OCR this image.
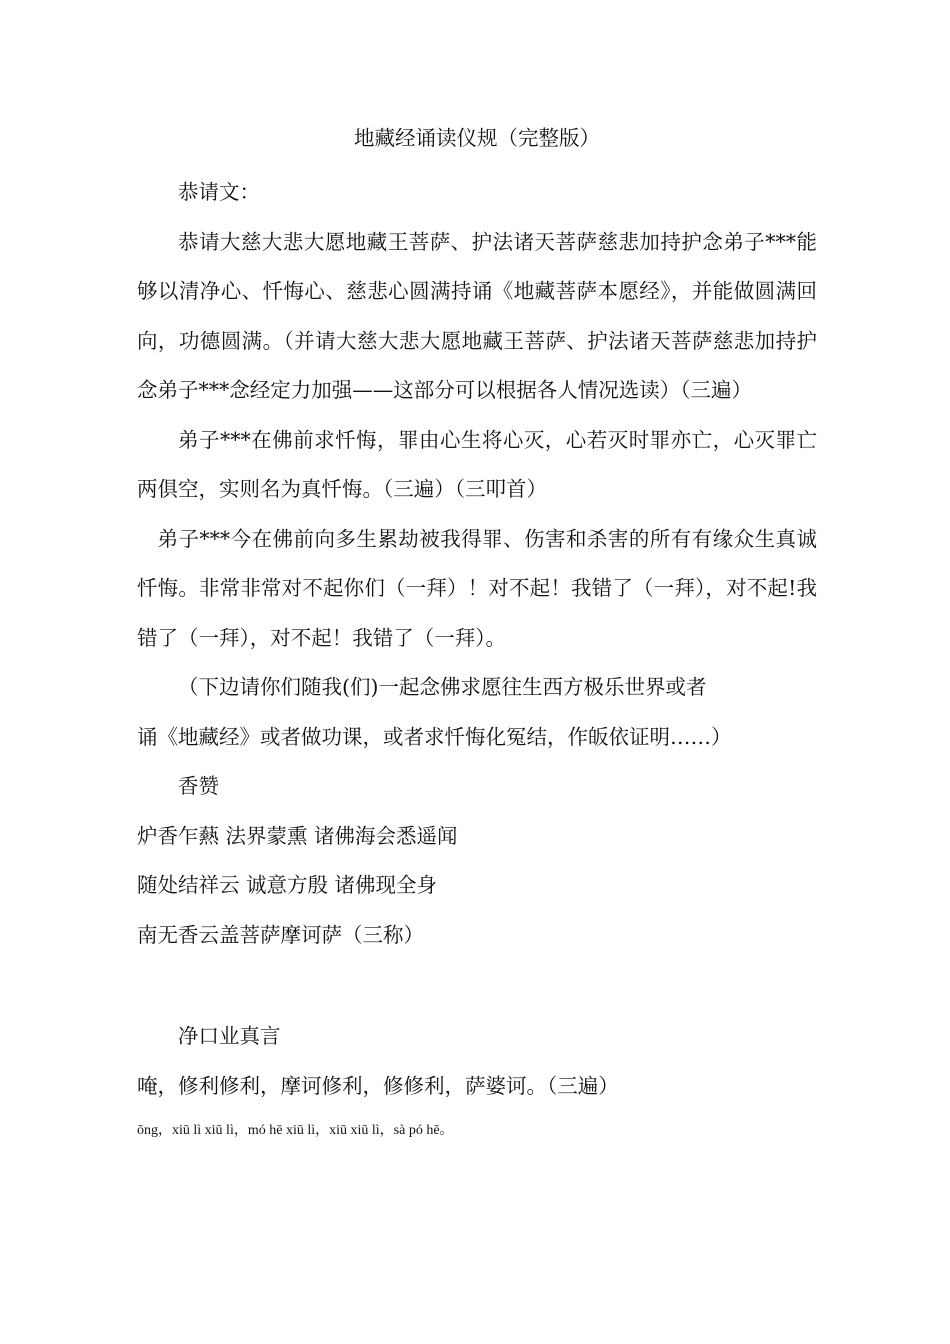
地藏经诵读仪规（完整版）

恭请文：

恭请大慈大悲大愿地藏王菩萨、护法诸天菩萨慈悲加持护念弟子***能够以清净心、忏悔心、慈悲心圆满持诵《地藏菩萨本愿经》，并能做圆满回向，功德圆满。（并请大慈大悲大愿地藏王菩萨、护法诸天菩萨慈悲加持护念弟子***念经定力加强——这部分可以根据各人情况选读）（三遍）

弟子***在佛前求忏悔，罪由心生将心灭，心若灭时罪亦亡，心灭罪亡两俱空，实则名为真忏悔。（三遍）（三叩首）

弟子***今在佛前向多生累劫被我得罪、伤害和杀害的所有有缘众生真诚忏悔。非常非常对不起你们（一拜）！对不起！我错了（一拜），对不起!我错了（一拜），对不起！我错了（一拜）。

（下边请你们随我(们)一起念佛求愿往生西方极乐世界或者

诵《地藏经》或者做功课，或者求忏悔化冤结，作皈依证明……）

香赞

炉香乍爇 法界蒙熏 诸佛海会悉遥闻

随处结祥云 诚意方殷 诸佛现全身

南无香云盖菩萨摩诃萨（三称）

净口业真言

唵，修利修利，摩诃修利，修修利，萨婆诃。（三遍）

ōng，xiū lì xiū lì，mó hē xiū lì，xiū xiū lì，sà pó hē。
